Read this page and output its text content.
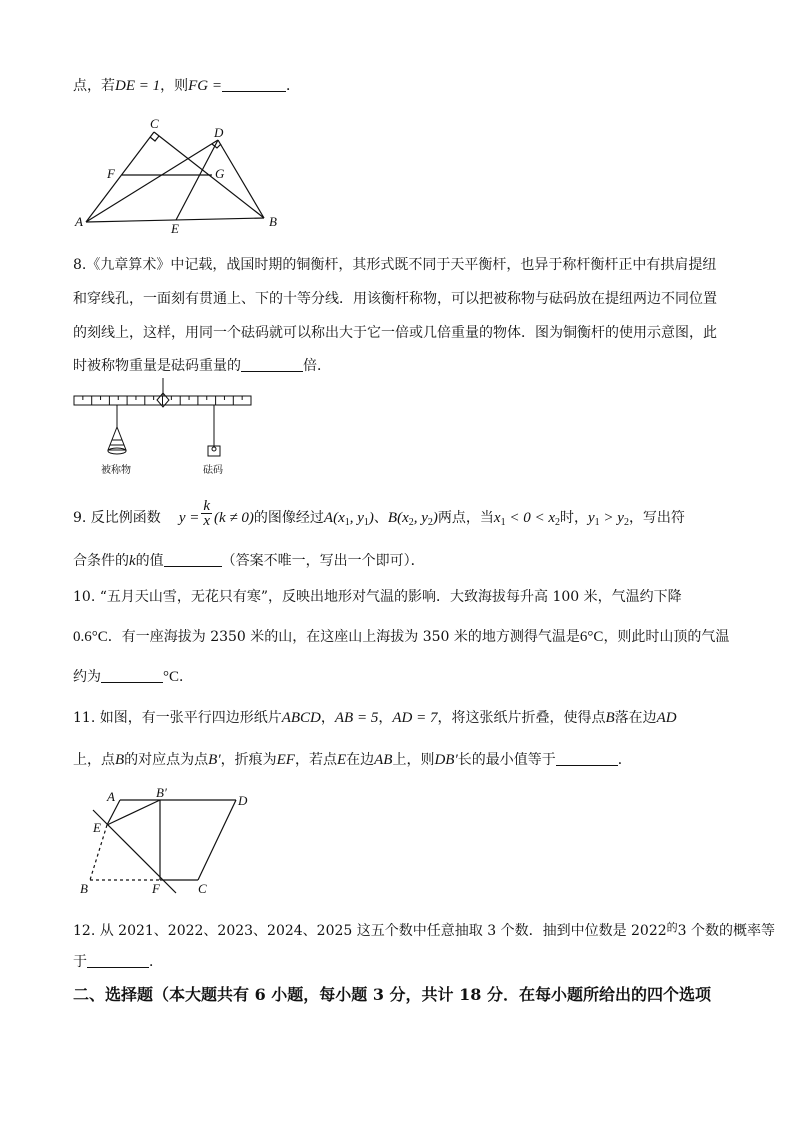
点，若DE = 1，则FG =	．
C
D
F	G
A	E	B
8.《九章算术》中记载，战国时期的铜衡杆，其形式既不同于天平衡杆，也异于称杆衡杆正中有拱肩提纽
和穿线孔，一面刻有贯通上、下的十等分线．用该衡杆称物，可以把被称物与砝码放在提纽两边不同位置
的刻线上，这样，用同一个砝码就可以称出大于它一倍或几倍重量的物体．图为铜衡杆的使用示意图，此
时被称物重量是砝码重量的	倍．
被称物	砝码
9. 反比例函数 $y = \frac{k}{x} (k \ne 0)$的图像经过$A(x_1$, $y_1$)、$B(x_2$, $y_2$)两点，当$x_1 < 0 < x_2$时，$y_1 > y_2$，写出符
合条件的k的值	（答案不唯一，写出一个即可）．
10. “五月天山雪，无花只有寒”，反映出地形对气温的影响．大致海拔每升高 100 米，气温约下降
0.6°C．有一座海拔为 2350 米的山，在这座山上海拔为 350 米的地方测得气温是6°C，则此时山顶的气温
约为	°C．
11. 如图，有一张平行四边形纸片ABCD，AB = 5，AD = 7，将这张纸片折叠，使得点B落在边AD
上，点B的对应点为点B′，折痕为EF，若点E在边AB上，则DB′长的最小值等于	．
A	B′
D
E
B	F	C
12. 从 2021、2022、2023、2024、2025 这五个数中任意抽取 3 个数．抽到中位数是 $2022^的3$ 个数的概率等
于	．
二、选择题（本大题共有 6 小题，每小题 3 分，共计 18 分．在每小题所给出的四个选项
